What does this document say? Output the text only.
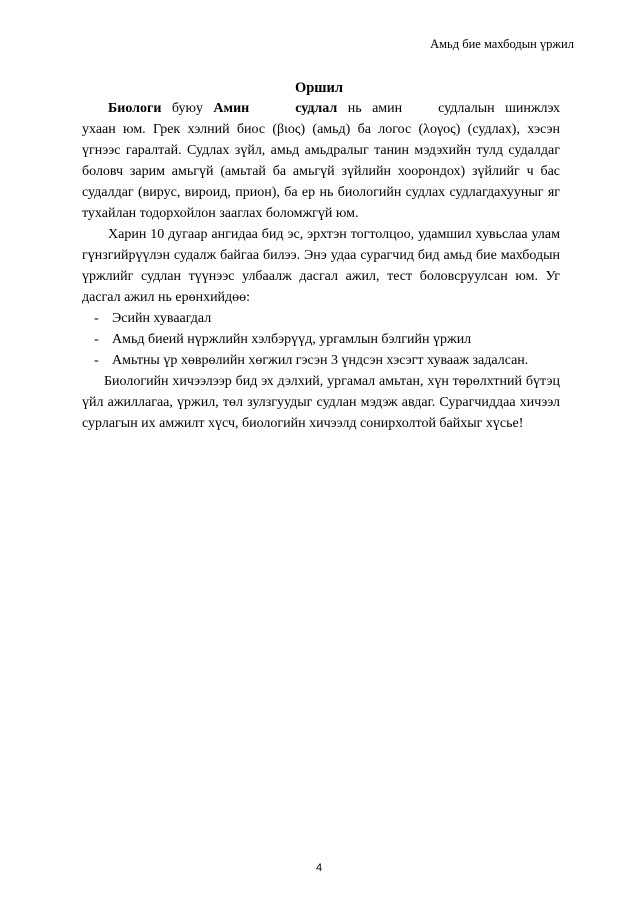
Амьд бие махбодын үржил
Оршил

Биологи буюу Амин	судлал нь амин	судлалын шинжлэх ухаан юм. Грек хэлний биос (βιος) (амьд) ба логос (λογος) (судлах), хэсэн үгнээс гаралтай. Судлах зүйл, амьд амьдралыг танин мэдэхийн тулд судалдаг боловч зарим амьгүй (амьтай ба амьгүй зүйлийн хоорондох) зүйлийг ч бас судалдаг (вирус, вироид, прион), ба ер нь биологийн судлах судлагдахууныг яг тухайлан тодорхойлон заaглах боломжгүй юм.

Харин 10 дугаар ангидаа бид эс, эрхтэн тогтолцоо, удамшил хувьслаа улам гүнзгийрүүлэн судалж байгаа билээ. Энэ удаа сурагчид бид амьд бие махбодын үржлийг судлан түүнээс улбаалж дасгал ажил, тест боловсруулсан юм. Уг дасгал ажил нь ерөнхийдөө:

- Эсийн хуваагдал
- Амьд биеий нүржлийн хэлбэрүүд, ургамлын бэлгийн үржил
- Амьтны үр хөврөлийн хөгжил гэсэн 3 үндсэн хэсэгт хуваaж задалсан.

Биологийн хичээлээр бид эх дэлхий, ургамал амьтан, хүн төрөлхтний бүтэц үйл ажиллагаа, үржил, төл зулзгуудыг судлан мэдэж авдаг. Сурагчиддаа хичээл сурлагын их амжилт хүсч, биологийн хичээлд сонирхолтой байхыг хүсье!

4
